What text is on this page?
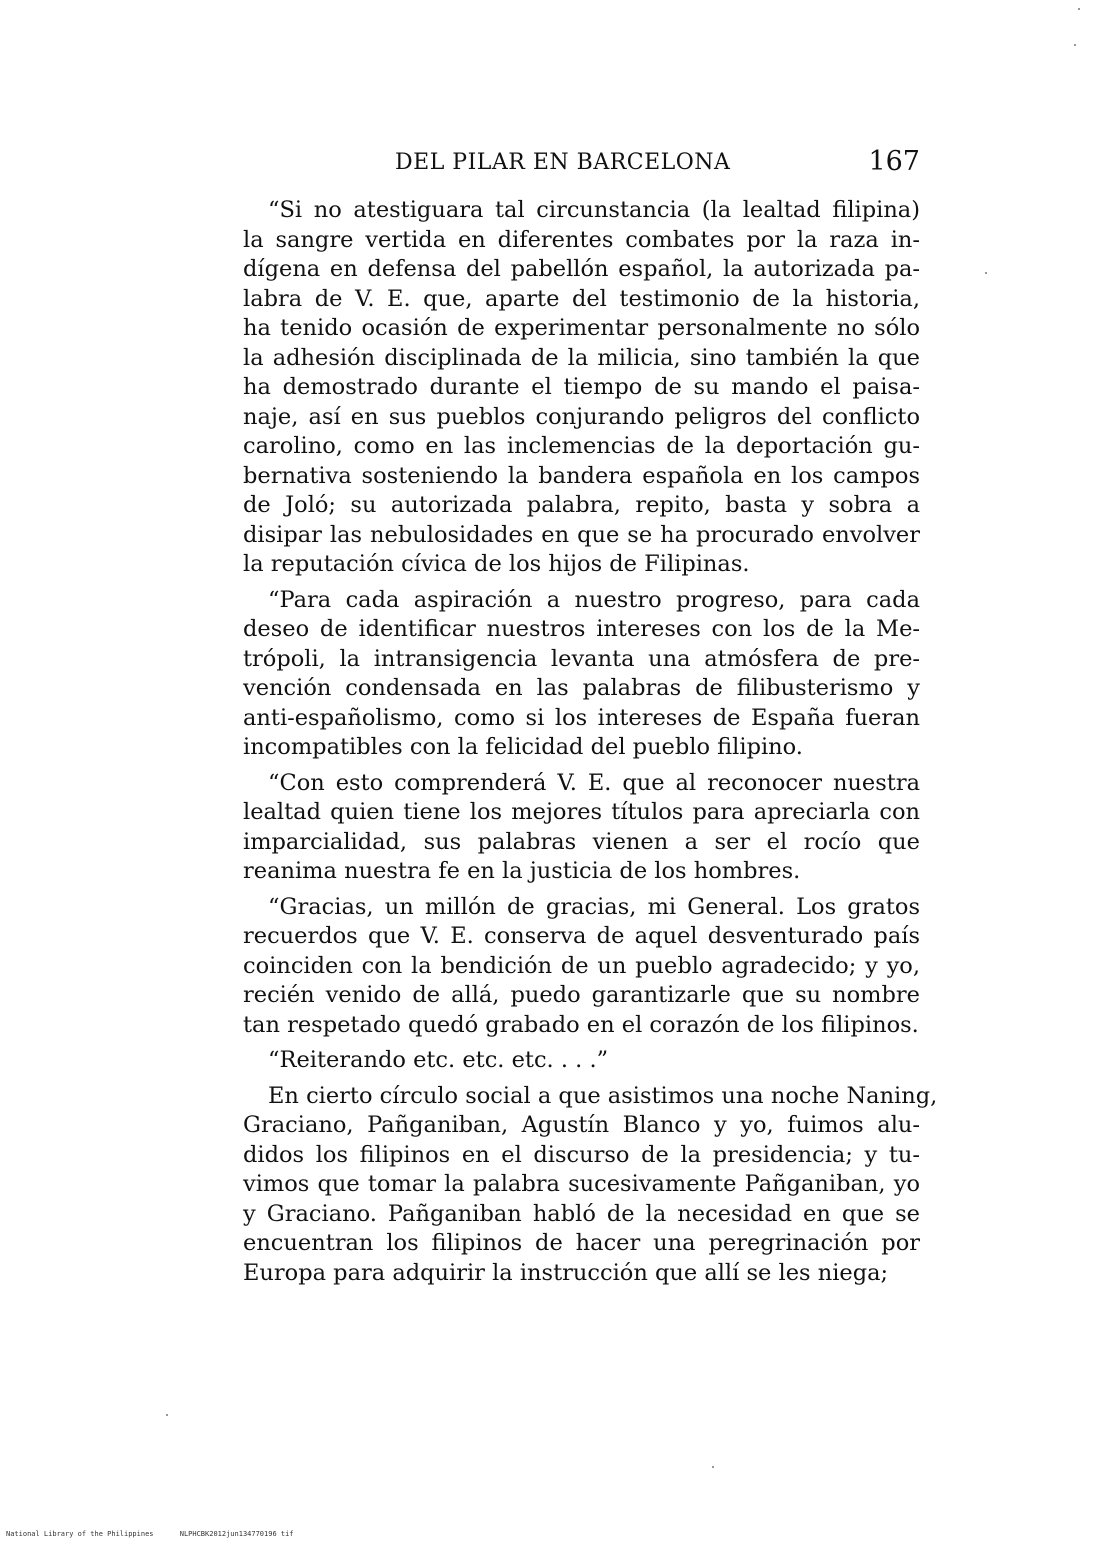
DEL PILAR EN BARCELONA	167
“Si no atestiguara tal circunstancia (la lealtad filipina)
la sangre vertida en diferentes combates por la raza in-
dígena en defensa del pabellón español, la autorizada pa-
labra de V. E. que, aparte del testimonio de la historia,
ha tenido ocasión de experimentar personalmente no sólo
la adhesión disciplinada de la milicia, sino también la que
ha demostrado durante el tiempo de su mando el paisa-
naje, así en sus pueblos conjurando peligros del conflicto
carolino, como en las inclemencias de la deportación gu-
bernativa sosteniendo la bandera española en los campos
de Joló; su autorizada palabra, repito, basta y sobra a
disipar las nebulosidades en que se ha procurado envolver
la reputación cívica de los hijos de Filipinas.
“Para cada aspiración a nuestro progreso, para cada
deseo de identificar nuestros intereses con los de la Me-
trópoli, la intransigencia levanta una atmósfera de pre-
vención condensada en las palabras de filibusterismo y
anti-españolismo, como si los intereses de España fueran
incompatibles con la felicidad del pueblo filipino.
“Con esto comprenderá V. E. que al reconocer nuestra
lealtad quien tiene los mejores títulos para apreciarla con
imparcialidad, sus palabras vienen a ser el rocío que
reanima nuestra fe en la justicia de los hombres.
“Gracias, un millón de gracias, mi General. Los gratos
recuerdos que V. E. conserva de aquel desventurado país
coinciden con la bendición de un pueblo agradecido; y yo,
recién venido de allá, puedo garantizarle que su nombre
tan respetado quedó grabado en el corazón de los filipinos.
“Reiterando etc. etc. etc. . . .”
En cierto círculo social a que asistimos una noche Naning,
Graciano, Pañganiban, Agustín Blanco y yo, fuimos alu-
didos los filipinos en el discurso de la presidencia; y tu-
vimos que tomar la palabra sucesivamente Pañganiban, yo
y Graciano. Pañganiban habló de la necesidad en que se
encuentran los filipinos de hacer una peregrinación por
Europa para adquirir la instrucción que allí se les niega;
National Library of the Philippines	NLPHCBK2012jun134770196 tif
